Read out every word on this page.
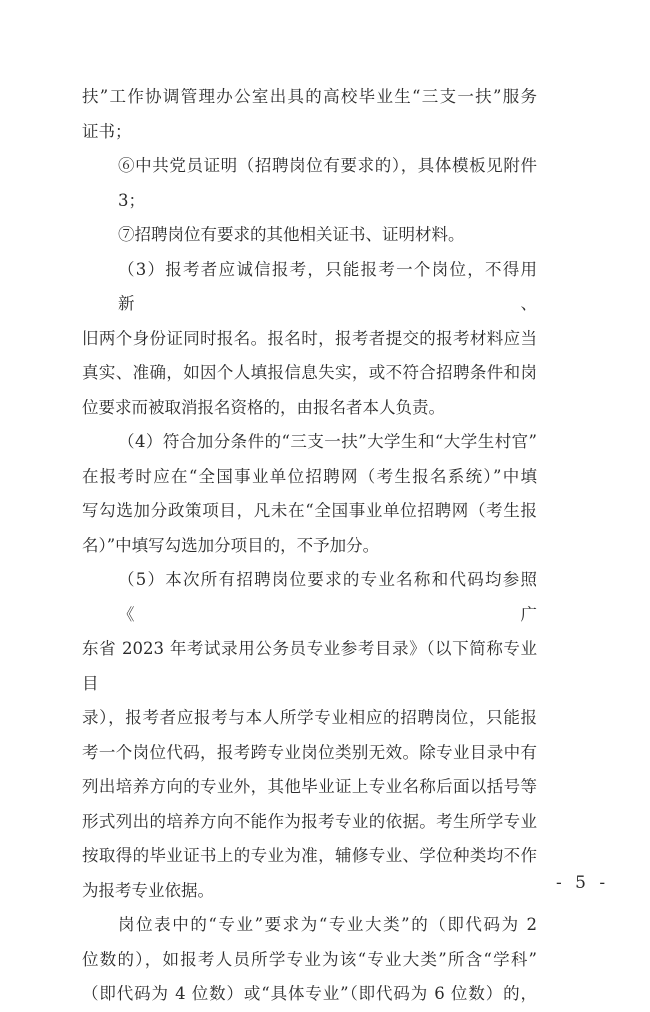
扶”工作协调管理办公室出具的高校毕业生“三支一扶”服务
证书；
⑥中共党员证明（招聘岗位有要求的），具体模板见附件 3；
⑦招聘岗位有要求的其他相关证书、证明材料。
（3）报考者应诚信报考，只能报考一个岗位，不得用新、
旧两个身份证同时报名。报名时，报考者提交的报考材料应当
真实、准确，如因个人填报信息失实，或不符合招聘条件和岗
位要求而被取消报名资格的，由报名者本人负责。
（4）符合加分条件的“三支一扶”大学生和“大学生村官”
在报考时应在“全国事业单位招聘网（考生报名系统）”中填
写勾选加分政策项目，凡未在“全国事业单位招聘网（考生报
名）”中填写勾选加分项目的，不予加分。
（5）本次所有招聘岗位要求的专业名称和代码均参照《广
东省 2023 年考试录用公务员专业参考目录》（以下简称专业目
录），报考者应报考与本人所学专业相应的招聘岗位，只能报
考一个岗位代码，报考跨专业岗位类别无效。除专业目录中有
列出培养方向的专业外，其他毕业证上专业名称后面以括号等
形式列出的培养方向不能作为报考专业的依据。考生所学专业
按取得的毕业证书上的专业为准，辅修专业、学位种类均不作
为报考专业依据。
岗位表中的“专业”要求为“专业大类”的（即代码为 2
位数的），如报考人员所学专业为该“专业大类”所含“学科”
（即代码为 4 位数）或“具体专业”（即代码为 6 位数）的，
- 5 -
